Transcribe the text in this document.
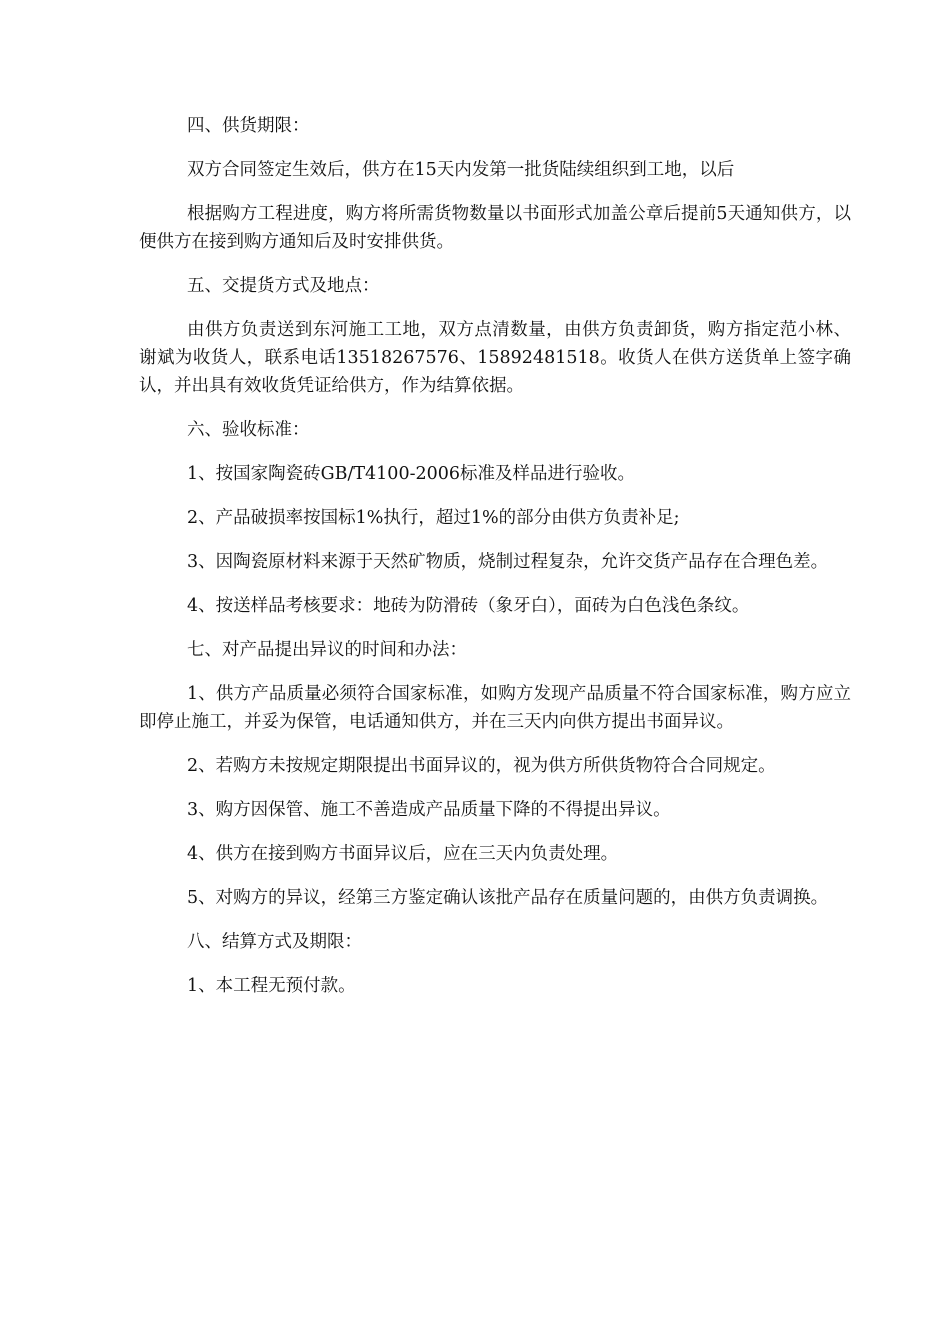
四、供货期限：

双方合同签定生效后，供方在15天内发第一批货陆续组织到工地，以后

根据购方工程进度，购方将所需货物数量以书面形式加盖公章后提前5天通知供方，以便供方在接到购方通知后及时安排供货。

五、交提货方式及地点：

由供方负责送到东河施工工地，双方点清数量，由供方负责卸货，购方指定范小林、谢斌为收货人，联系电话13518267576、15892481518。收货人在供方送货单上签字确认，并出具有效收货凭证给供方，作为结算依据。

六、验收标准：

1、按国家陶瓷砖GB/T4100-2006标准及样品进行验收。

2、产品破损率按国标1%执行，超过1%的部分由供方负责补足;

3、因陶瓷原材料来源于天然矿物质，烧制过程复杂，允许交货产品存在合理色差。

4、按送样品考核要求：地砖为防滑砖（象牙白），面砖为白色浅色条纹。

七、对产品提出异议的时间和办法：

1、供方产品质量必须符合国家标准，如购方发现产品质量不符合国家标准，购方应立即停止施工，并妥为保管，电话通知供方，并在三天内向供方提出书面异议。

2、若购方未按规定期限提出书面异议的，视为供方所供货物符合合同规定。

3、购方因保管、施工不善造成产品质量下降的不得提出异议。

4、供方在接到购方书面异议后，应在三天内负责处理。

5、对购方的异议，经第三方鉴定确认该批产品存在质量问题的，由供方负责调换。

八、结算方式及期限：

1、本工程无预付款。
